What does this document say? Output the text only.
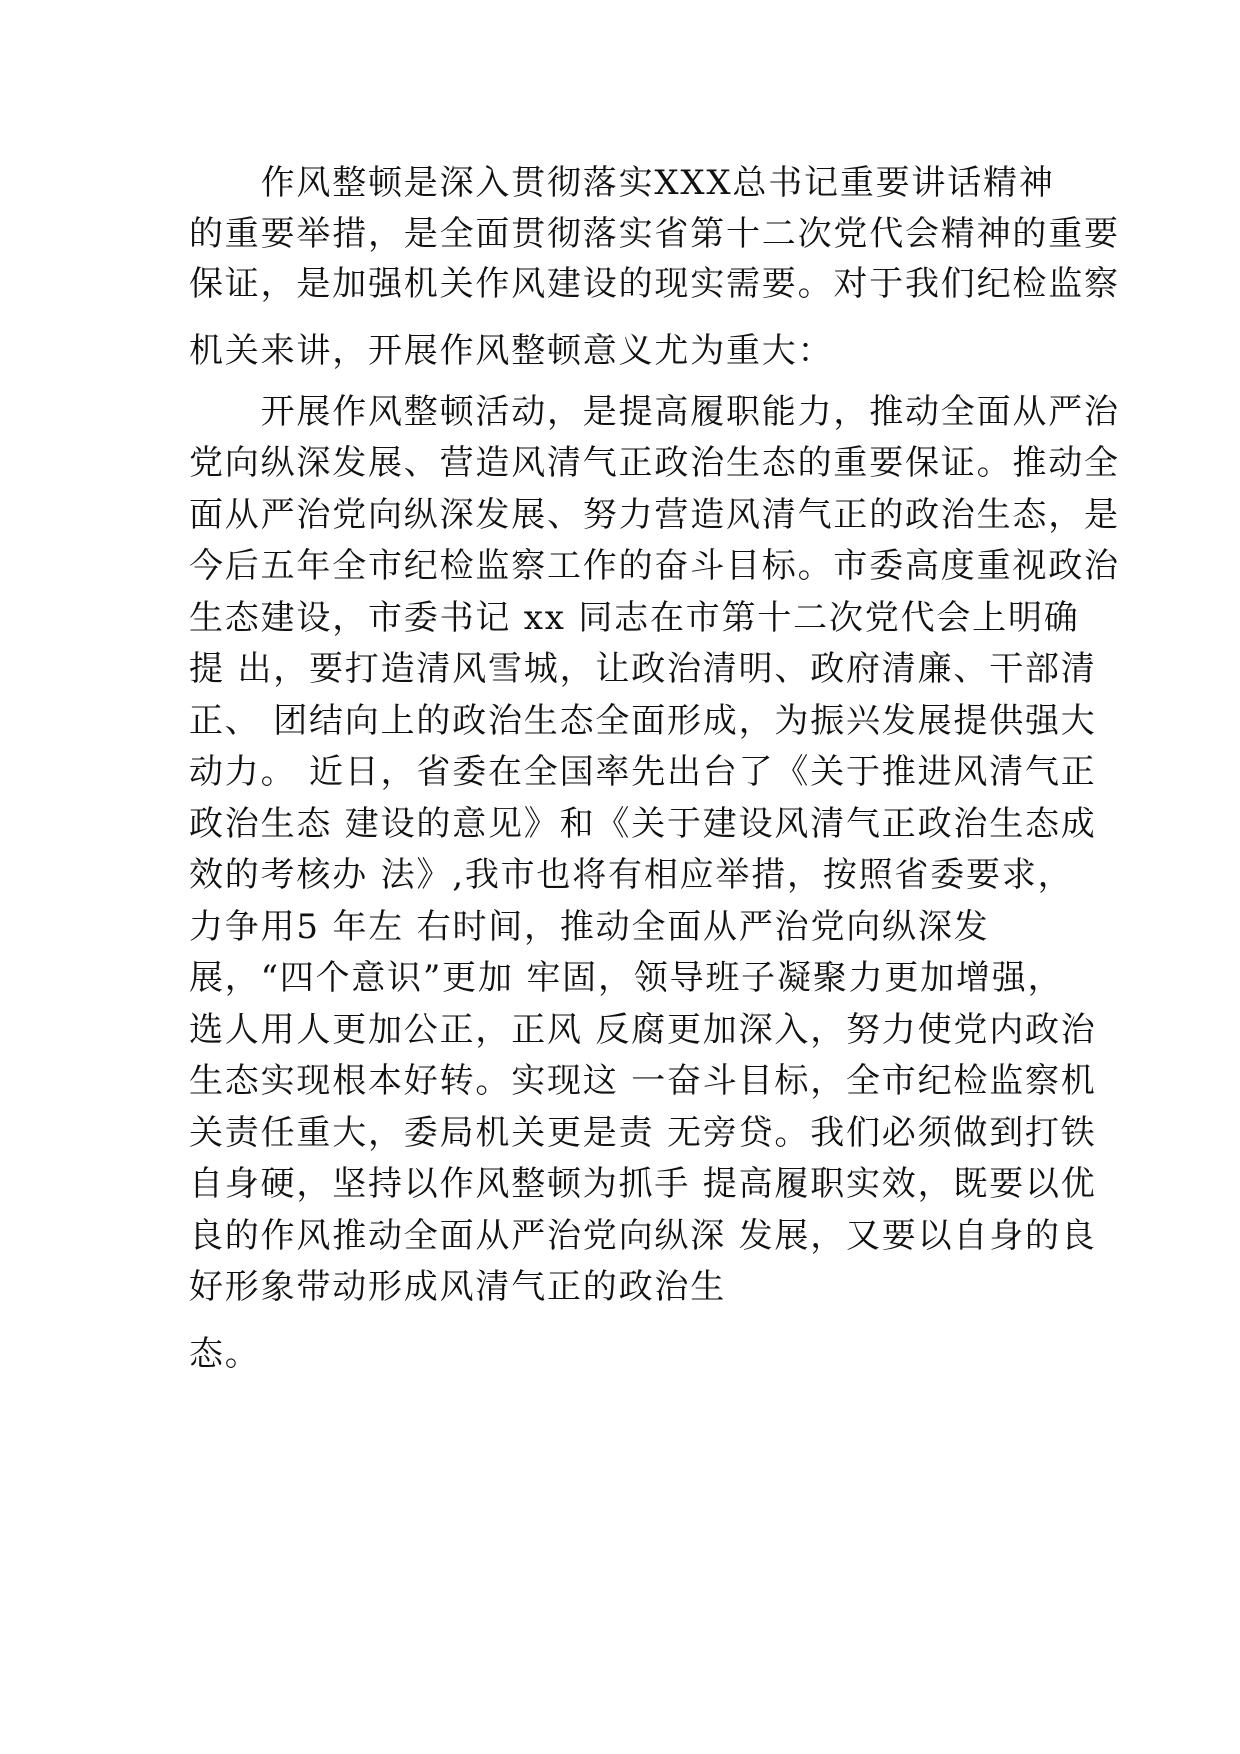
　　作风整顿是深入贯彻落实XXX总书记重要讲话精神
的重要举措，是全面贯彻落实省第十二次党代会精神的重要
保证，是加强机关作风建设的现实需要。对于我们纪检监察
机关来讲，开展作风整顿意义尤为重大：
　　开展作风整顿活动，是提高履职能力，推动全面从严治
党向纵深发展、营造风清气正政治生态的重要保证。推动全
面从严治党向纵深发展、努力营造风清气正的政治生态，是
今后五年全市纪检监察工作的奋斗目标。市委高度重视政治
生态建设，市委书记 xx 同志在市第十二次党代会上明确
提 出，要打造清风雪城，让政治清明、政府清廉、干部清
正、 团结向上的政治生态全面形成，为振兴发展提供强大
动力。 近日，省委在全国率先出台了《关于推进风清气正
政治生态 建设的意见》和《关于建设风清气正政治生态成
效的考核办 法》,我市也将有相应举措，按照省委要求，
力争用5 年左 右时间，推动全面从严治党向纵深发
展，“四个意识”更加 牢固，领导班子凝聚力更加增强，
选人用人更加公正，正风 反腐更加深入，努力使党内政治
生态实现根本好转。实现这 一奋斗目标，全市纪检监察机
关责任重大，委局机关更是责 无旁贷。我们必须做到打铁
自身硬，坚持以作风整顿为抓手 提高履职实效，既要以优
良的作风推动全面从严治党向纵深 发展，又要以自身的良
好形象带动形成风清气正的政治生
态。
